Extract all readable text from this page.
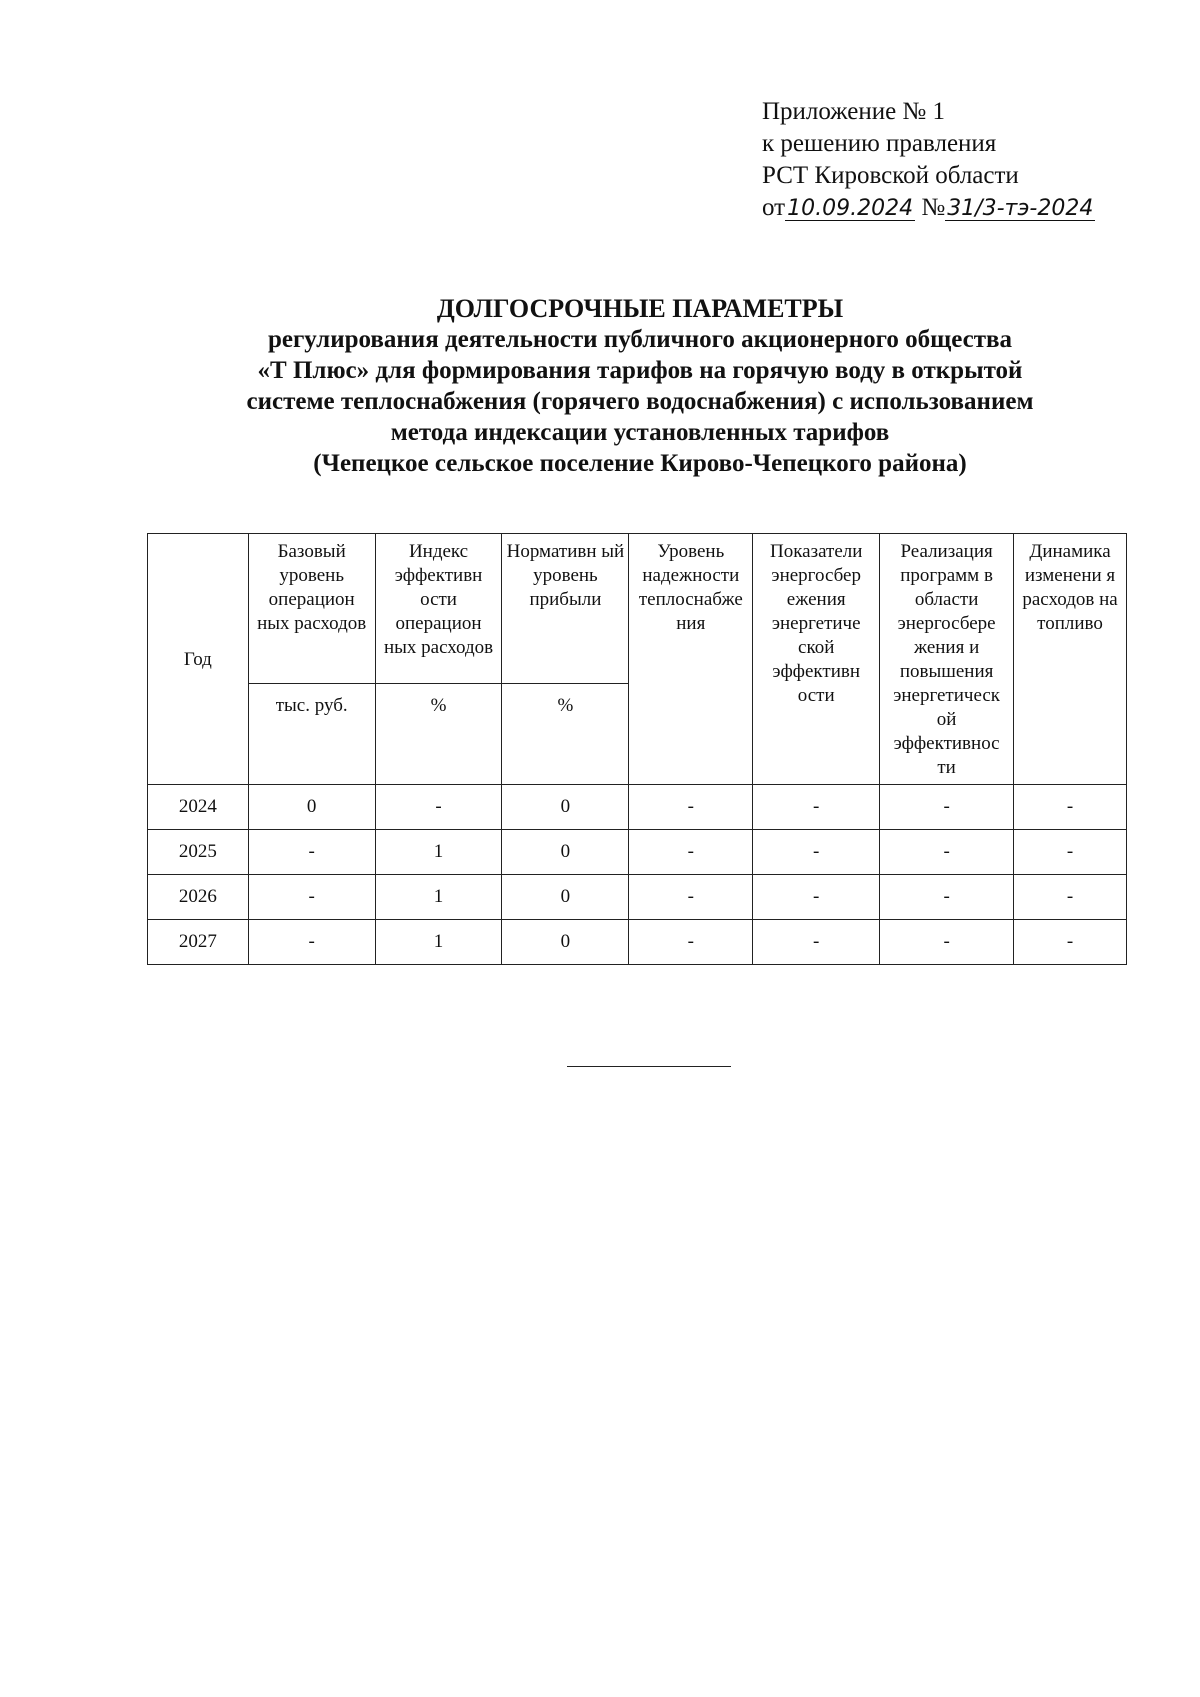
Приложение № 1
к решению правления
РСТ Кировской области
от10.09.2024 №31/3-тэ-2024
ДОЛГОСРОЧНЫЕ ПАРАМЕТРЫ
регулирования деятельности публичного акционерного общества
«Т Плюс» для формирования тарифов на горячую воду в открытой
системе теплоснабжения (горячего водоснабжения) с использованием
метода индексации установленных тарифов
(Чепецкое сельское поселение Кирово-Чепецкого района)
Год	Базовый уровень операцион ных расходов	Индекс эффективн ости операцион ных расходов	Нормативн ый уровень прибыли	Уровень надежности теплоснабже ния	Показатели энергосбер ежения энергетиче ской эффективн ости	Реализация программ в области энергосбере жения и повышения энергетическ ой эффективнос ти	Динамика изменени я расходов на топливо
	тыс. руб.	%	%				
2024	0	-	0	-	-	-	-
2025	-	1	0	-	-	-	-
2026	-	1	0	-	-	-	-
2027	-	1	0	-	-	-	-
